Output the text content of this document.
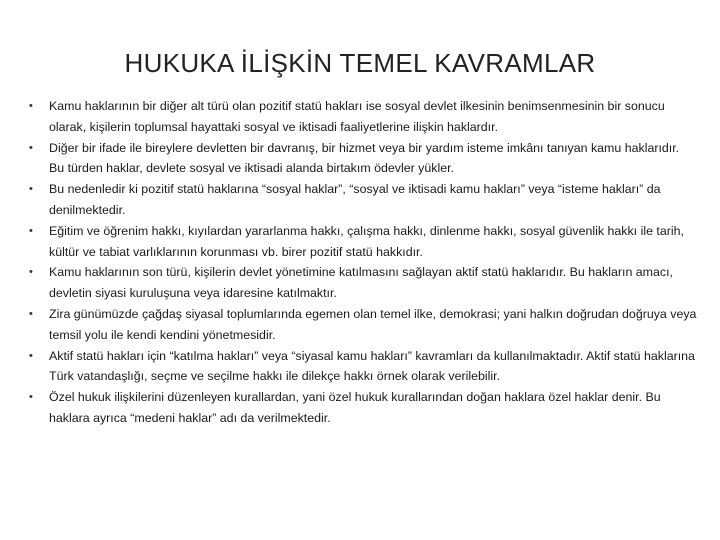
HUKUKA İLİŞKİN TEMEL KAVRAMLAR
• Kamu haklarının bir diğer alt türü olan pozitif statü hakları ise sosyal devlet ilkesinin benimsenmesinin bir sonucu olarak, kişilerin toplumsal hayattaki sosyal ve iktisadi faaliyetlerine ilişkin haklardır.
• Diğer bir ifade ile bireylere devletten bir davranış, bir hizmet veya bir yardım isteme imkânı tanıyan kamu haklarıdır. Bu türden haklar, devlete sosyal ve iktisadi alanda birtakım ödevler yükler.
• Bu nedenledir ki pozitif statü haklarına “sosyal haklar”, “sosyal ve iktisadi kamu hakları” veya “isteme hakları” da denilmektedir.
• Eğitim ve öğrenim hakkı, kıyılardan yararlanma hakkı, çalışma hakkı, dinlenme hakkı, sosyal güvenlik hakkı ile tarih, kültür ve tabiat varlıklarının korunması vb. birer pozitif statü hakkıdır.
• Kamu haklarının son türü, kişilerin devlet yönetimine katılmasını sağlayan aktif statü haklarıdır. Bu hakların amacı, devletin siyasi kuruluşuna veya idaresine katılmaktır.
• Zira günümüzde çağdaş siyasal toplumlarında egemen olan temel ilke, demokrasi; yani halkın doğrudan doğruya veya temsil yolu ile kendi kendini yönetmesidir.
• Aktif statü hakları için “katılma hakları” veya “siyasal kamu hakları” kavramları da kullanılmaktadır. Aktif statü haklarına Türk vatandaşlığı, seçme ve seçilme hakkı ile dilekçe hakkı örnek olarak verilebilir.
• Özel hukuk ilişkilerini düzenleyen kurallardan, yani özel hukuk kurallarından doğan haklara özel haklar denir. Bu haklara ayrıca “medeni haklar” adı da verilmektedir.
